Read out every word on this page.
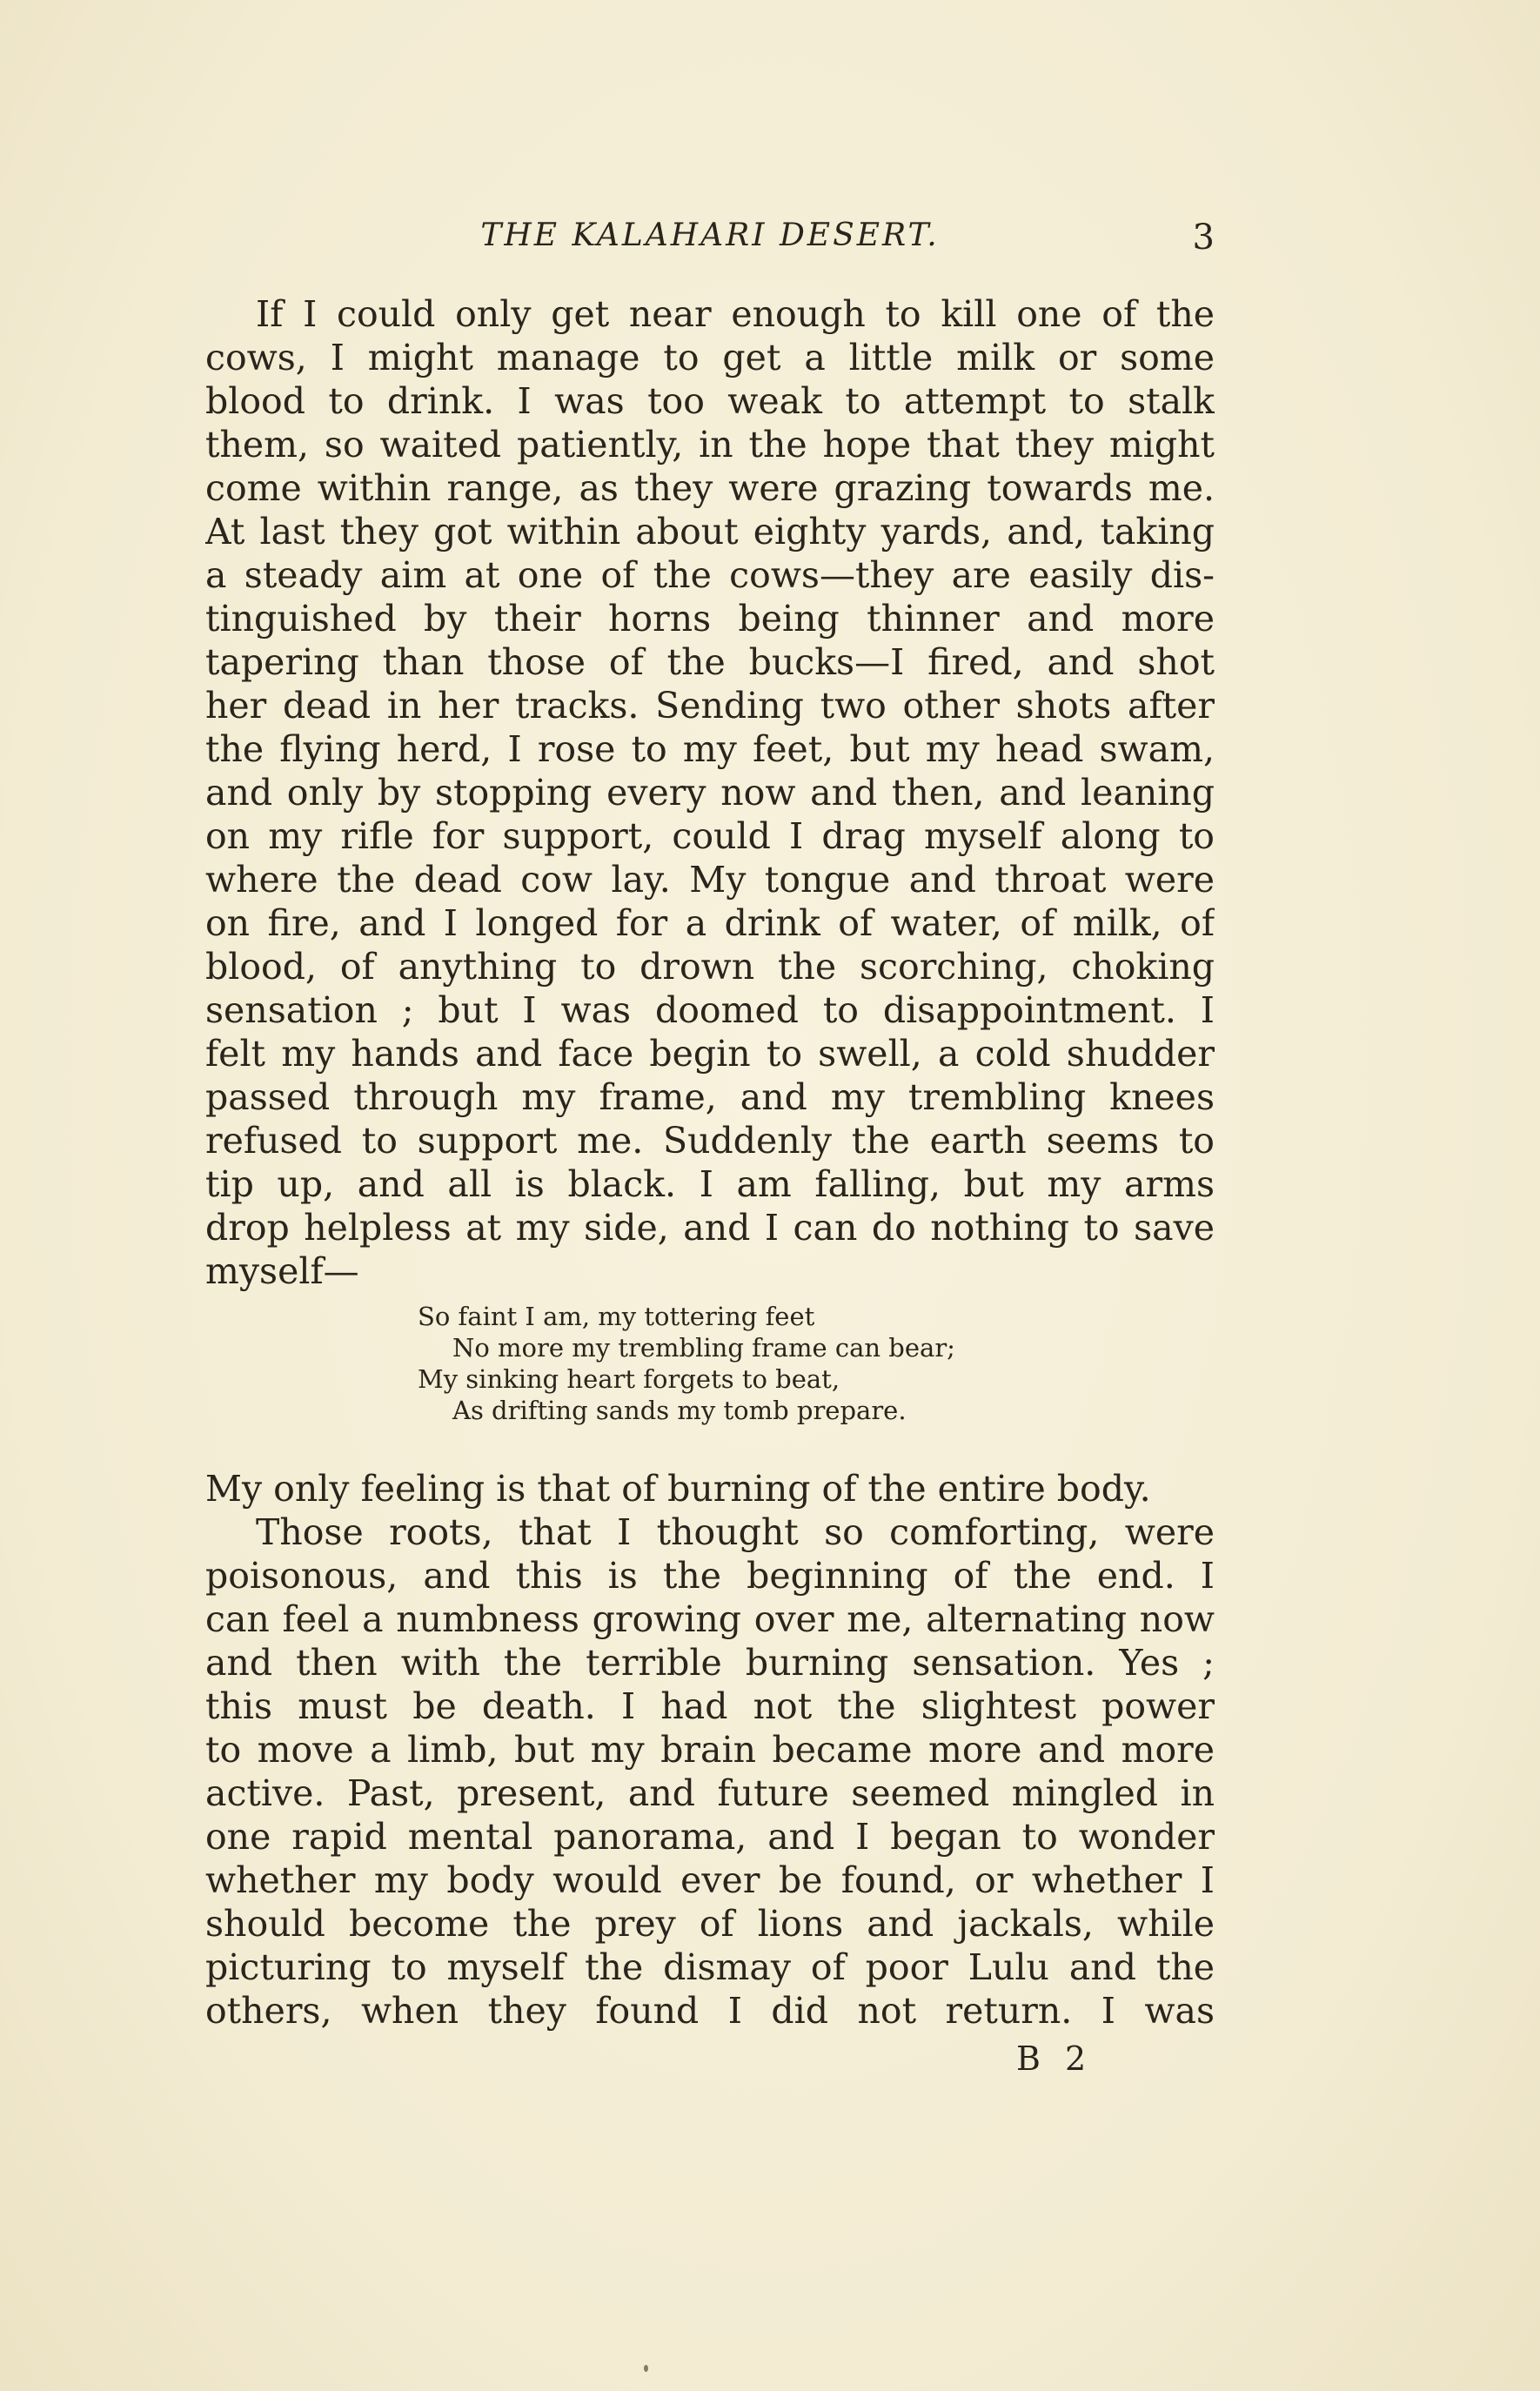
THE KALAHARI DESERT.	3
If I could only get near enough to kill one of the
cows, I might manage to get a little milk or some
blood to drink. I was too weak to attempt to stalk
them, so waited patiently, in the hope that they might
come within range, as they were grazing towards me.
At last they got within about eighty yards, and, taking
a steady aim at one of the cows—they are easily dis-
tinguished by their horns being thinner and more
tapering than those of the bucks—I fired, and shot
her dead in her tracks. Sending two other shots after
the flying herd, I rose to my feet, but my head swam,
and only by stopping every now and then, and leaning
on my rifle for support, could I drag myself along to
where the dead cow lay. My tongue and throat were
on fire, and I longed for a drink of water, of milk, of
blood, of anything to drown the scorching, choking
sensation ; but I was doomed to disappointment. I
felt my hands and face begin to swell, a cold shudder
passed through my frame, and my trembling knees
refused to support me. Suddenly the earth seems to
tip up, and all is black. I am falling, but my arms
drop helpless at my side, and I can do nothing to save
myself—
So faint I am, my tottering feet
No more my trembling frame can bear;
My sinking heart forgets to beat,
As drifting sands my tomb prepare.
My only feeling is that of burning of the entire body.
Those roots, that I thought so comforting, were
poisonous, and this is the beginning of the end. I
can feel a numbness growing over me, alternating now
and then with the terrible burning sensation. Yes ;
this must be death. I had not the slightest power
to move a limb, but my brain became more and more
active. Past, present, and future seemed mingled in
one rapid mental panorama, and I began to wonder
whether my body would ever be found, or whether I
should become the prey of lions and jackals, while
picturing to myself the dismay of poor Lulu and the
others, when they found I did not return. I was
B 2
